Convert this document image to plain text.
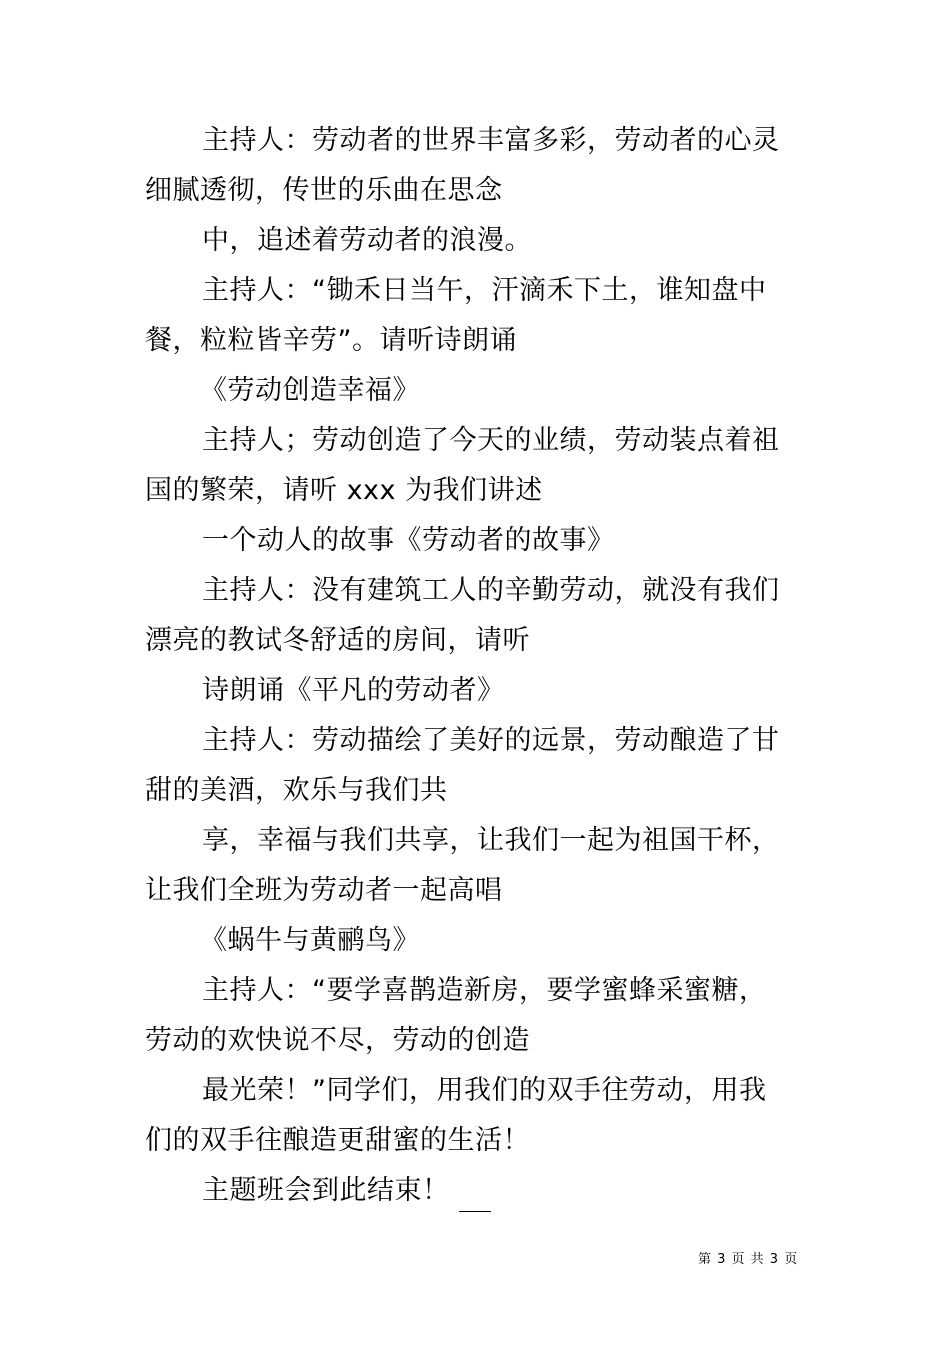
主持人：劳动者的世界丰富多彩，劳动者的心灵
细腻透彻，传世的乐曲在思念
中，追述着劳动者的浪漫。
主持人：“锄禾日当午，汗滴禾下土，谁知盘中
餐，粒粒皆辛劳”。请听诗朗诵
《劳动创造幸福》
主持人；劳动创造了今天的业绩，劳动装点着祖
国的繁荣，请听 xxx 为我们讲述
一个动人的故事《劳动者的故事》
主持人：没有建筑工人的辛勤劳动，就没有我们
漂亮的教试冬舒适的房间，请听
诗朗诵《平凡的劳动者》
主持人：劳动描绘了美好的远景，劳动酿造了甘
甜的美酒，欢乐与我们共
享，幸福与我们共享，让我们一起为祖国干杯，
让我们全班为劳动者一起高唱
《蜗牛与黄鹂鸟》
主持人：“要学喜鹊造新房，要学蜜蜂采蜜糖，
劳动的欢快说不尽，劳动的创造
最光荣！”同学们，用我们的双手往劳动，用我
们的双手往酿造更甜蜜的生活！
主题班会到此结束！
第 3 页 共 3 页
